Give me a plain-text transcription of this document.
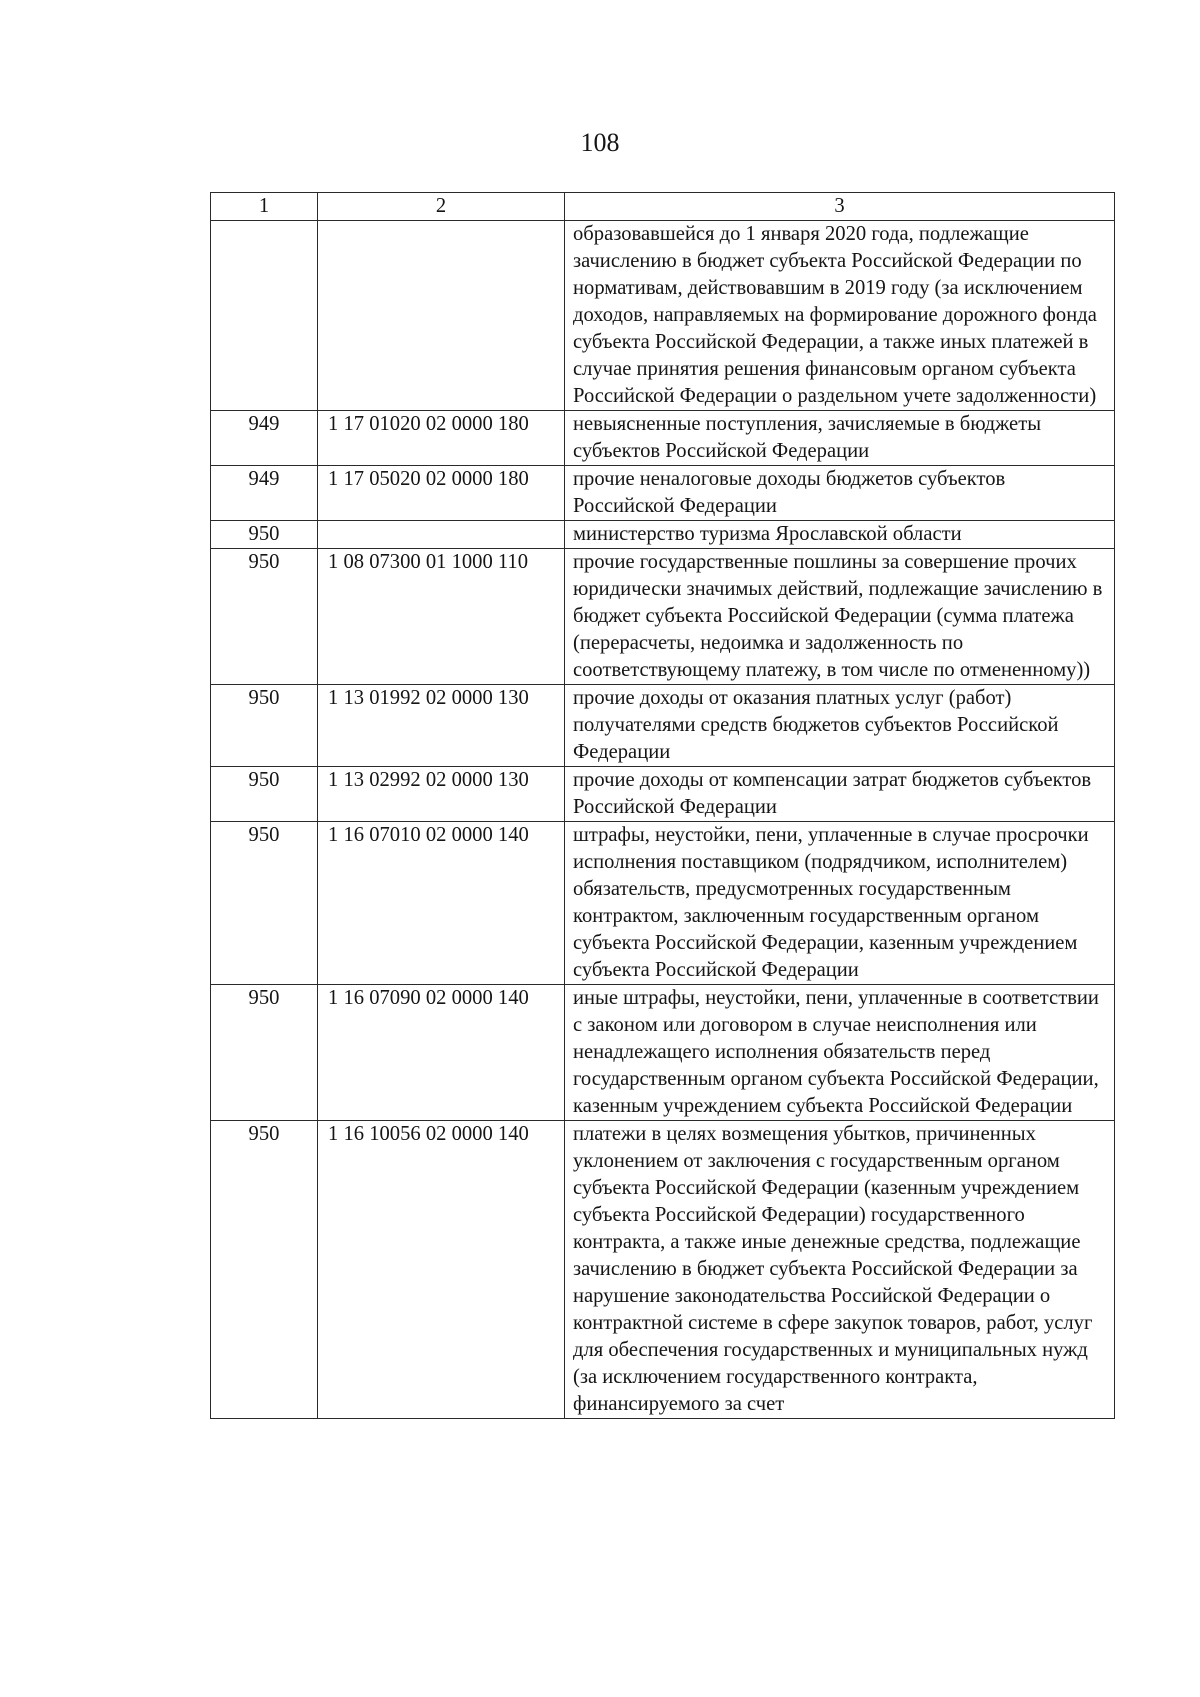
108
1	2	3
		образовавшейся до 1 января 2020 года, подлежащие зачислению в бюджет субъекта Российской Федерации по нормативам, действовавшим в 2019 году (за исключением доходов, направляемых на формирование дорожного фонда субъекта Российской Федерации, а также иных платежей в случае принятия решения финансовым органом субъекта Российской Федерации о раздельном учете задолженности)
949	1 17 01020 02 0000 180	невыясненные поступления, зачисляемые в бюджеты субъектов Российской Федерации
949	1 17 05020 02 0000 180	прочие неналоговые доходы бюджетов субъектов Российской Федерации
950		министерство туризма Ярославской области
950	1 08 07300 01 1000 110	прочие государственные пошлины за совершение прочих юридически значимых действий, подлежащие зачислению в бюджет субъекта Российской Федерации (сумма платежа (перерасчеты, недоимка и задолженность по соответствующему платежу, в том числе по отмененному))
950	1 13 01992 02 0000 130	прочие доходы от оказания платных услуг (работ) получателями средств бюджетов субъектов Российской Федерации
950	1 13 02992 02 0000 130	прочие доходы от компенсации затрат бюджетов субъектов Российской Федерации
950	1 16 07010 02 0000 140	штрафы, неустойки, пени, уплаченные в случае просрочки исполнения поставщиком (подрядчиком, исполнителем) обязательств, предусмотренных государственным контрактом, заключенным государственным органом субъекта Российской Федерации, казенным учреждением субъекта Российской Федерации
950	1 16 07090 02 0000 140	иные штрафы, неустойки, пени, уплаченные в соответствии с законом или договором в случае неисполнения или ненадлежащего исполнения обязательств перед государственным органом субъекта Российской Федерации, казенным учреждением субъекта Российской Федерации
950	1 16 10056 02 0000 140	платежи в целях возмещения убытков, причиненных уклонением от заключения с государственным органом субъекта Российской Федерации (казенным учреждением субъекта Российской Федерации) государственного контракта, а также иные денежные средства, подлежащие зачислению в бюджет субъекта Российской Федерации за нарушение законодательства Российской Федерации о контрактной системе в сфере закупок товаров, работ, услуг для обеспечения государственных и муниципальных нужд (за исключением государственного контракта, финансируемого за счет
